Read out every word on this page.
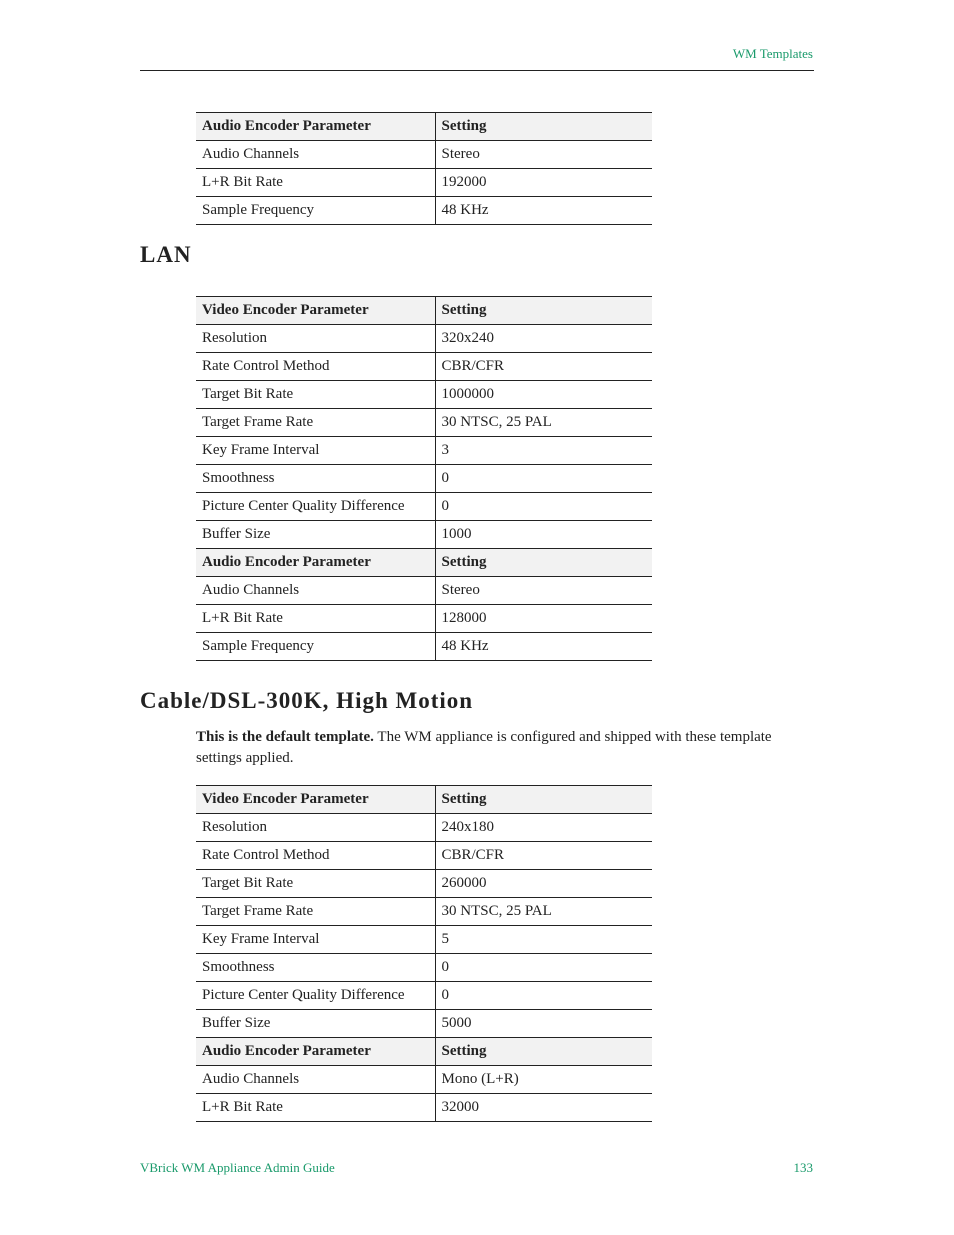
WM Templates
Audio Encoder Parameter	Setting
Audio Channels	Stereo
L+R Bit Rate	192000
Sample Frequency	48 KHz
LAN
Video Encoder Parameter	Setting
Resolution	320x240
Rate Control Method	CBR/CFR
Target Bit Rate	1000000
Target Frame Rate	30 NTSC, 25 PAL
Key Frame Interval	3
Smoothness	0
Picture Center Quality Difference	0
Buffer Size	1000
Audio Encoder Parameter	Setting
Audio Channels	Stereo
L+R Bit Rate	128000
Sample Frequency	48 KHz
Cable/DSL-300K, High Motion

This is the default template. The WM appliance is configured and shipped with these template settings applied.

Video Encoder Parameter	Setting
Resolution	240x180
Rate Control Method	CBR/CFR
Target Bit Rate	260000
Target Frame Rate	30 NTSC, 25 PAL
Key Frame Interval	5
Smoothness	0
Picture Center Quality Difference	0
Buffer Size	5000
Audio Encoder Parameter	Setting
Audio Channels	Mono (L+R)
L+R Bit Rate	32000
VBrick WM Appliance Admin Guide	133
